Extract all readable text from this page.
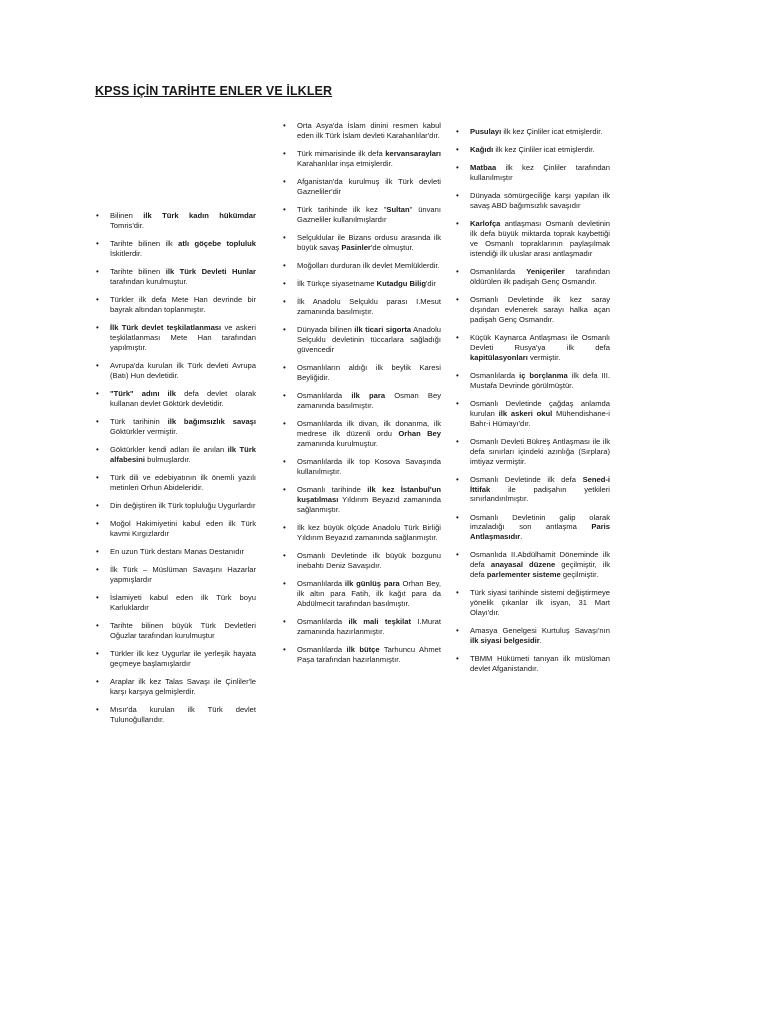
KPSS İÇİN TARİHTE ENLER VE İLKLER
• Bilinen ilk Türk kadın hükümdar Tomris'dir.
• Tarihte bilinen ilk atlı göçebe topluluk İskitlerdir.
• Tarihte bilinen ilk Türk Devleti Hunlar tarafından kurulmuştur.
• Türkler ilk defa Mete Han devrinde bir bayrak altından toplanmıştır.
• İlk Türk devlet teşkilatlanması ve askeri teşkilatlanması Mete Han tarafından yapılmıştır.
• Avrupa'da kurulan ilk Türk devleti Avrupa (Batı) Hun devletidir.
• "Türk" adını ilk defa devlet olarak kullanan devlet Göktürk devletidir.
• Türk tarihinin ilk bağımsızlık savaşı Göktürkler vermiştir.
• Göktürkler kendi adları ile anılan ilk Türk alfabesini bulmuşlardır.
• Türk dili ve edebiyatının ilk önemli yazılı metinleri Orhun Abideleridir.
• Din değiştiren ilk Türk topluluğu Uygurlardır
• Moğol Hakimiyetini kabul eden ilk Türk kavmi Kırgızlardır
• En uzun Türk destanı Manas Destanıdır
• İlk Türk – Müslüman Savaşını Hazarlar yapmışlardır
• İslamiyeti kabul eden ilk Türk boyu Karluklardır
• Tarihte bilinen büyük Türk Devletleri Oğuzlar tarafından kurulmuştur
• Türkler ilk kez Uygurlar ile yerleşik hayata geçmeye başlamışlardır
• Araplar ilk kez Talas Savaşı ile Çinliler'le karşı karşıya gelmişlerdir.
• Mısır'da kurulan ilk Türk devlet Tulunoğullarıdır.
• Orta Asya'da İslam dinini resmen kabul eden ilk Türk İslam devleti Karahanlılar'dır.
• Türk mimarisinde ilk defa kervansarayları Karahanlılar inşa etmişlerdir.
• Afganistan'da kurulmuş ilk Türk devleti Gazneliler'dir
• Türk tarihinde ilk kez "Sultan" ünvanı Gazneliler kullanılmışlardır
• Selçuklular ile Bizans ordusu arasında ilk büyük savaş Pasinler'de olmuştur.
• Moğolları durduran ilk devlet Memlüklerdir.
• İlk Türkçe siyasetname Kutadgu Bilig'dir
• İlk Anadolu Selçuklu parası I.Mesut zamanında basılmıştır.
• Dünyada bilinen ilk ticari sigorta Anadolu Selçuklu devletinin tüccarlara sağladığı güvencedir
• Osmanlıların aldığı ilk beylik Karesi Beyliğidir.
• Osmanlılarda ilk para Osman Bey zamanında basılmıştır.
• Osmanlılarda ilk divan, ilk donanma, ilk medrese ilk düzenli ordu Orhan Bey zamanında kurulmuştur.
• Osmanlılarda ilk top Kosova Savaşında kullanılmıştır.
• Osmanlı tarihinde ilk kez İstanbul'un kuşatılması Yıldırım Beyazıd zamanında sağlanmıştır.
• İlk kez büyük ölçüde Anadolu Türk Birliği Yıldırım Beyazıd zamanında sağlanmıştır.
• Osmanlı Devletinde ilk büyük bozgunu inebahtı Deniz Savaşıdır.
• Osmanlılarda ilk günlüş para Orhan Bey, ilk altın para Fatih, ilk kağıt para da Abdülmecit tarafından basılmıştır.
• Osmanlılarda ilk mali teşkilat I.Murat zamanında hazırlanmıştır.
• Osmanlılarda ilk bütçe Tarhuncu Ahmet Paşa tarafından hazırlanmıştır.
• Pusulayı ilk kez Çinliler icat etmişlerdir.
• Kağıdı ilk kez Çinliler icat etmişlerdir.
• Matbaa ilk kez Çinliler tarafından kullanılmıştır
• Dünyada sömürgeciliğe karşı yapılan ilk savaş ABD bağımsızlık savaşıdır
• Karlofça antlaşması Osmanlı devletinin ilk defa büyük miktarda toprak kaybettiği ve Osmanlı topraklarının paylaşılmak istendiği ilk uluslar arası antlaşmadır
• Osmanlılarda Yeniçeriler tarafından öldürülen ilk padişah Genç Osmandır.
• Osmanlı Devletinde ilk kez saray dışından evlenerek sarayı halka açan padişah Genç Osmandır.
• Küçük Kaynarca Antlaşması ile Osmanlı Devleti Rusya'ya ilk defa kapitülasyonları vermiştir.
• Osmanlılarda iç borçlanma ilk defa III. Mustafa Devrinde görülmüştür.
• Osmanlı Devletinde çağdaş anlamda kurulan ilk askeri okul Mühendishane-i Bahr-i Hümayı'dır.
• Osmanlı Devleti Bükreş Antlaşması ile ilk defa sınırları içindeki azınlığa (Sırplara) imtiyaz vermiştir.
• Osmanlı Devletinde ilk defa Sened-i İttifak ile padişahın yetkileri sınırlandırılmıştır.
• Osmanlı Devletinin galip olarak imzaladığı son antlaşma Paris Antlaşmasıdır.
• Osmanlıda II.Abdülhamit Döneminde ilk defa anayasal düzene geçilmiştir, ilk defa parlementer sisteme geçilmiştir.
• Türk siyasi tarihinde sistemi değiştirmeye yönelik çıkanlar ilk isyan, 31 Mart Olayı'dır.
• Amasya Genelgesi Kurtuluş Savaşı'nın ilk siyasi belgesidir.
• TBMM Hükümeti tanıyan ilk müslüman devlet Afganistandır.
